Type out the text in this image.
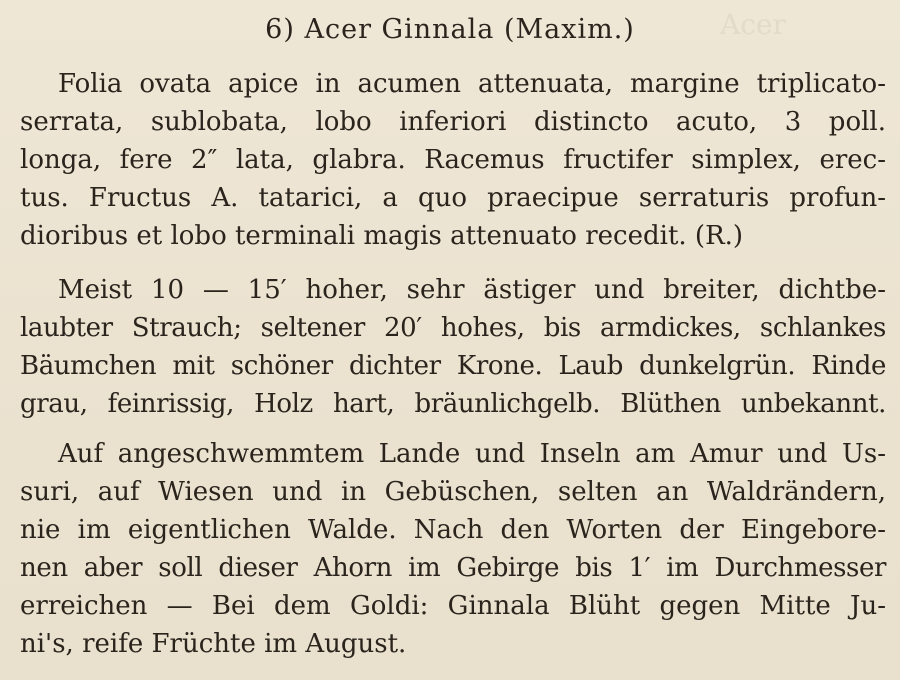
Acer
6) Acer Ginnala (Maxim.)
Folia ovata apice in acumen attenuata, margine triplicato-
serrata, sublobata, lobo inferiori distincto acuto, 3 poll.
longa, fere 2″ lata, glabra. Racemus fructifer simplex, erec-
tus. Fructus A. tatarici, a quo praecipue serraturis profun-
dioribus et lobo terminali magis attenuato recedit. (R.)
Meist 10 — 15′ hoher, sehr ästiger und breiter, dichtbe-
laubter Strauch; seltener 20′ hohes, bis armdickes, schlankes
Bäumchen mit schöner dichter Krone. Laub dunkelgrün. Rinde
grau, feinrissig, Holz hart, bräunlichgelb. Blüthen unbekannt.
Auf angeschwemmtem Lande und Inseln am Amur und Us-
suri, auf Wiesen und in Gebüschen, selten an Waldrändern,
nie im eigentlichen Walde. Nach den Worten der Eingebore-
nen aber soll dieser Ahorn im Gebirge bis 1′ im Durchmesser
erreichen — Bei dem Goldi: Ginnala Blüht gegen Mitte Ju-
ni's, reife Früchte im August.
